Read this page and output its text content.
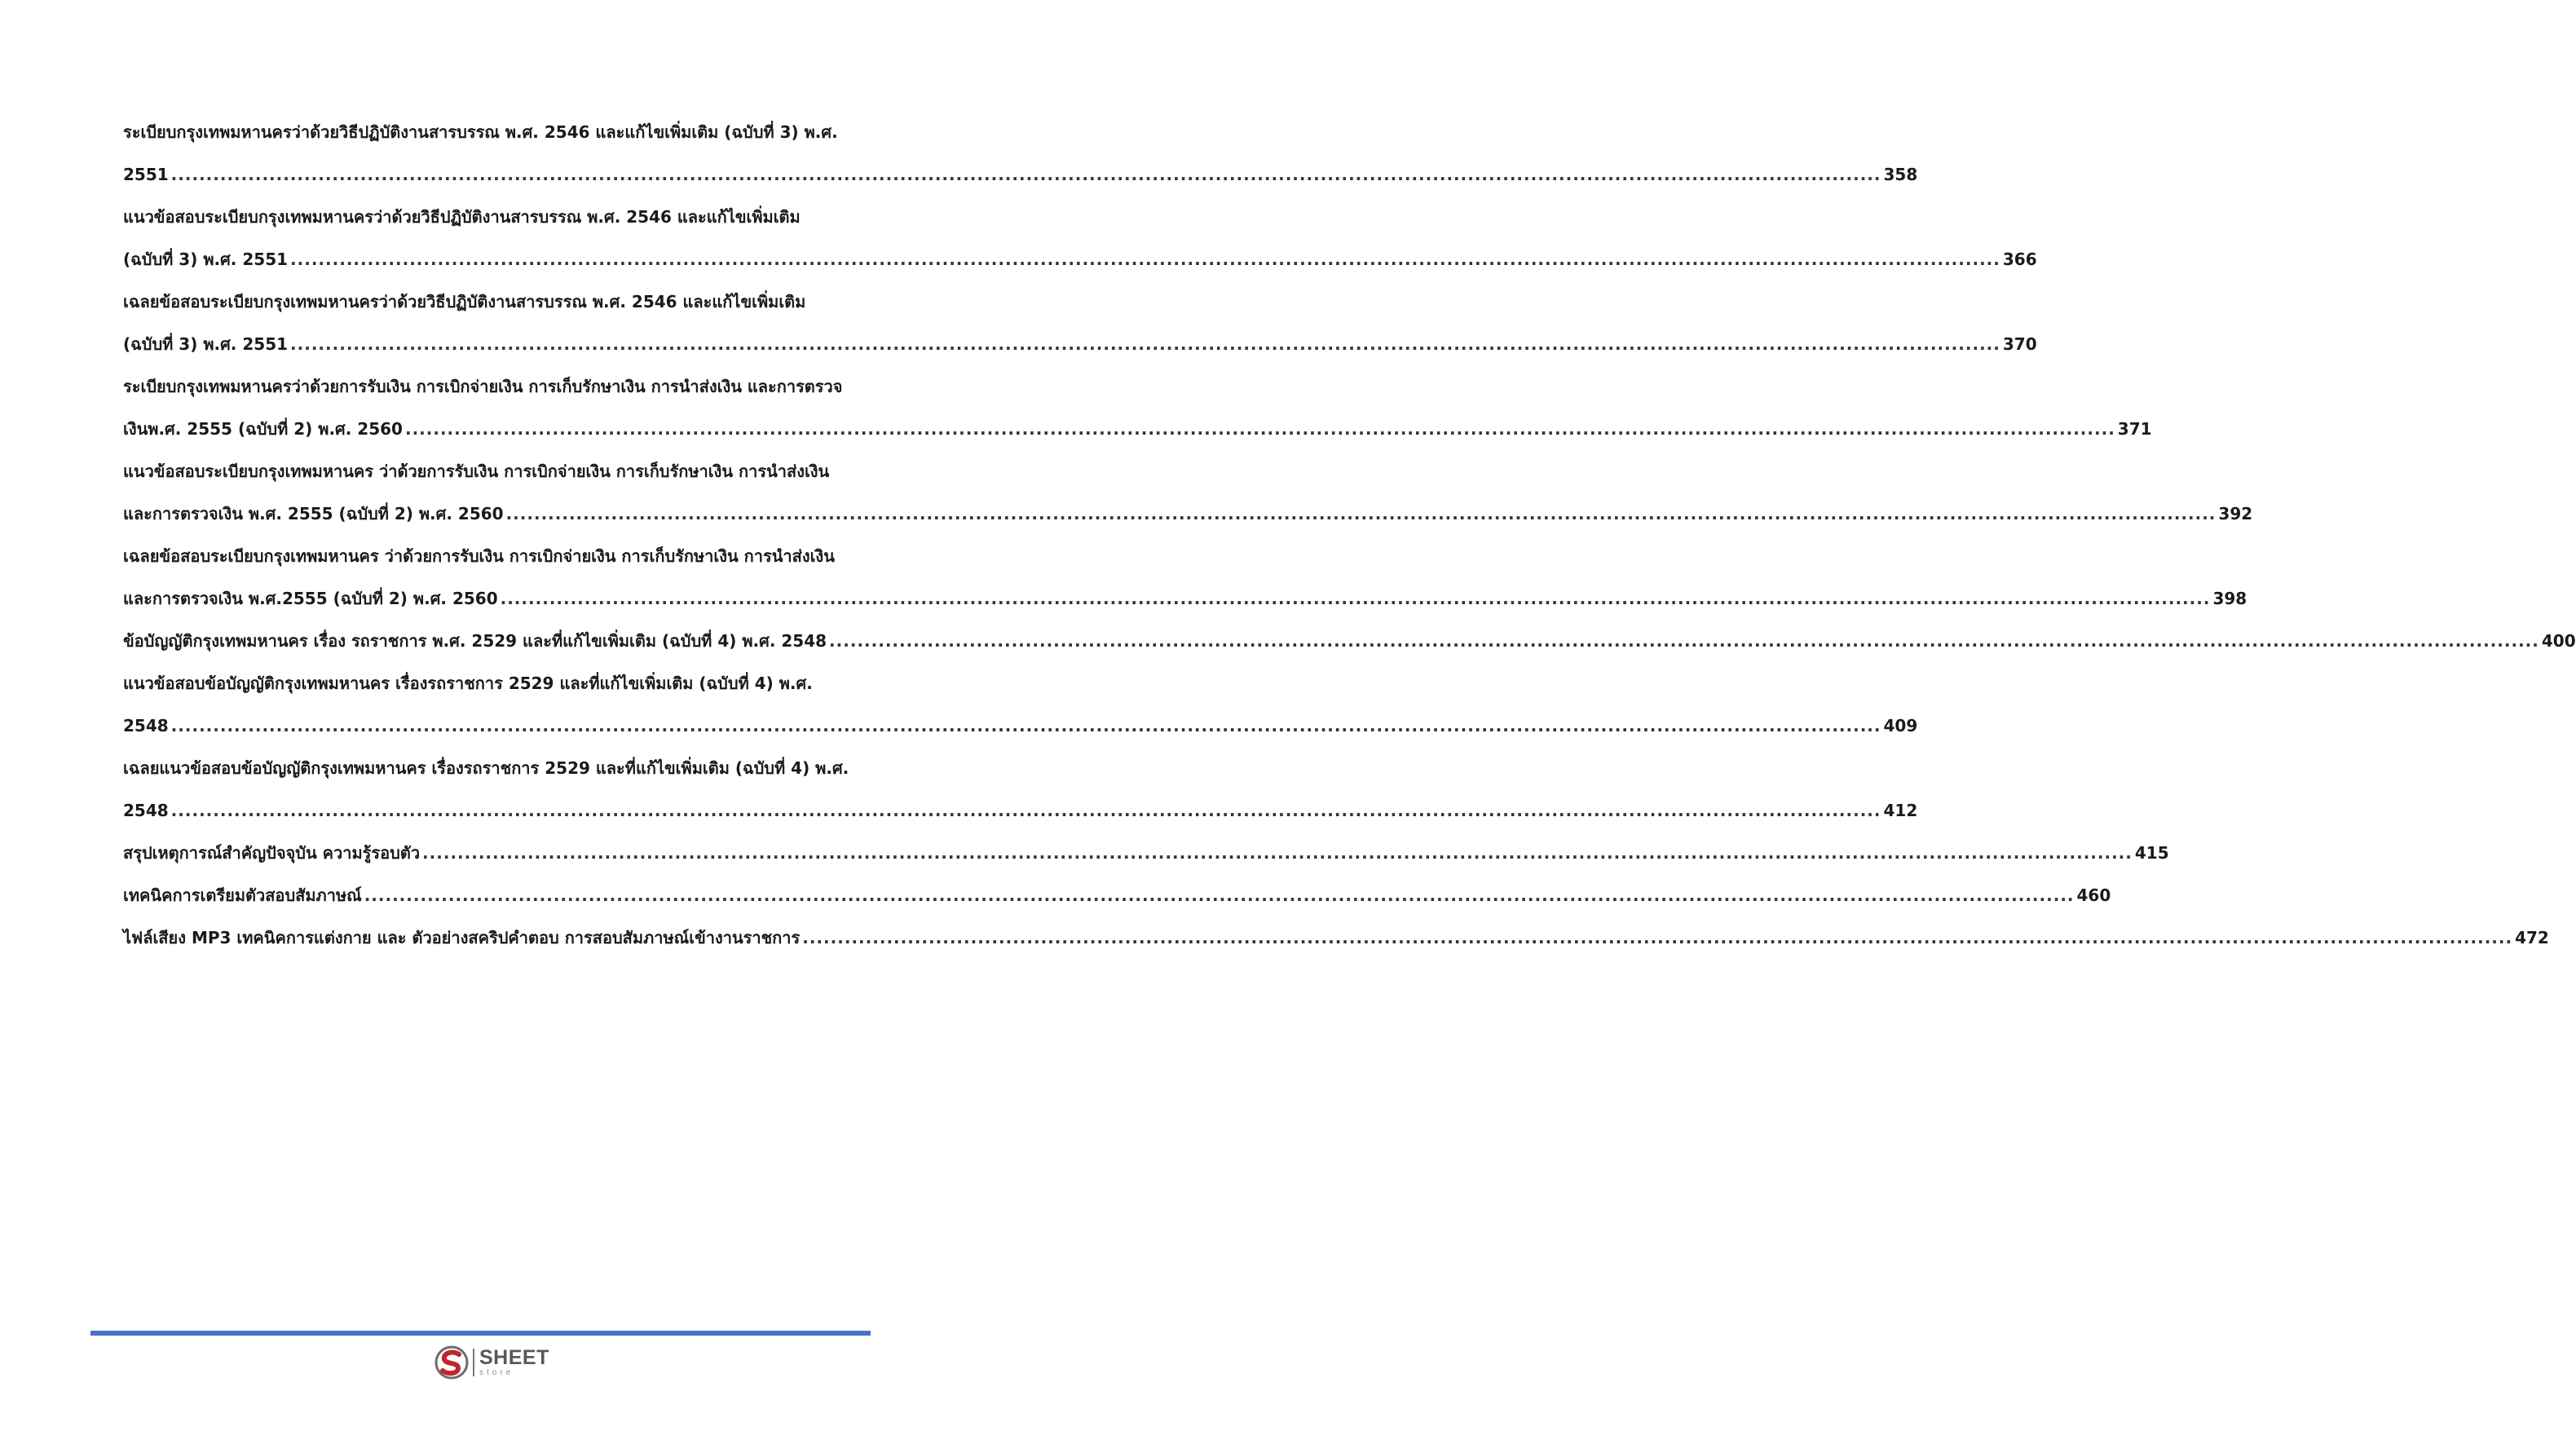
ระเบียบกรุงเทพมหานครว่าด้วยวิธีปฏิบัติงานสารบรรณ พ.ศ. 2546 และแก้ไขเพิ่มเติม (ฉบับที่ 3) พ.ศ.
2551 .................................................................................................................................................................................................................................................... 358
แนวข้อสอบระเบียบกรุงเทพมหานครว่าด้วยวิธีปฏิบัติงานสารบรรณ พ.ศ. 2546 และแก้ไขเพิ่มเติม
(ฉบับที่ 3) พ.ศ. 2551 .................................................................................................................................................................................................................................................... 366
เฉลยข้อสอบระเบียบกรุงเทพมหานครว่าด้วยวิธีปฏิบัติงานสารบรรณ พ.ศ. 2546 และแก้ไขเพิ่มเติม
(ฉบับที่ 3) พ.ศ. 2551 .................................................................................................................................................................................................................................................... 370
ระเบียบกรุงเทพมหานครว่าด้วยการรับเงิน การเบิกจ่ายเงิน การเก็บรักษาเงิน การนำส่งเงิน และการตรวจ
เงินพ.ศ. 2555 (ฉบับที่ 2) พ.ศ. 2560 .................................................................................................................................................................................................................................................... 371
แนวข้อสอบระเบียบกรุงเทพมหานคร ว่าด้วยการรับเงิน การเบิกจ่ายเงิน การเก็บรักษาเงิน การนำส่งเงิน
และการตรวจเงิน พ.ศ. 2555 (ฉบับที่ 2) พ.ศ. 2560 .................................................................................................................................................................................................................................................... 392
เฉลยข้อสอบระเบียบกรุงเทพมหานคร ว่าด้วยการรับเงิน การเบิกจ่ายเงิน การเก็บรักษาเงิน การนำส่งเงิน
และการตรวจเงิน พ.ศ.2555 (ฉบับที่ 2) พ.ศ. 2560 .................................................................................................................................................................................................................................................... 398
ข้อบัญญัติกรุงเทพมหานคร เรื่อง รถราชการ พ.ศ. 2529 และที่แก้ไขเพิ่มเติม (ฉบับที่ 4) พ.ศ. 2548 .................................................................................................................................................................................................................................................... 400
แนวข้อสอบข้อบัญญัติกรุงเทพมหานคร เรื่องรถราชการ 2529 และที่แก้ไขเพิ่มเติม (ฉบับที่ 4) พ.ศ.
2548 .................................................................................................................................................................................................................................................... 409
เฉลยแนวข้อสอบข้อบัญญัติกรุงเทพมหานคร เรื่องรถราชการ 2529 และที่แก้ไขเพิ่มเติม (ฉบับที่ 4) พ.ศ.
2548 .................................................................................................................................................................................................................................................... 412
สรุปเหตุการณ์สำคัญปัจจุบัน ความรู้รอบตัว .................................................................................................................................................................................................................................................... 415
เทคนิคการเตรียมตัวสอบสัมภาษณ์ .................................................................................................................................................................................................................................................... 460
ไฟล์เสียง MP3 เทคนิคการแต่งกาย และ ตัวอย่างสคริปคำตอบ การสอบสัมภาษณ์เข้างานราชการ .................................................................................................................................................................................................................................................... 472
SHEET
store
